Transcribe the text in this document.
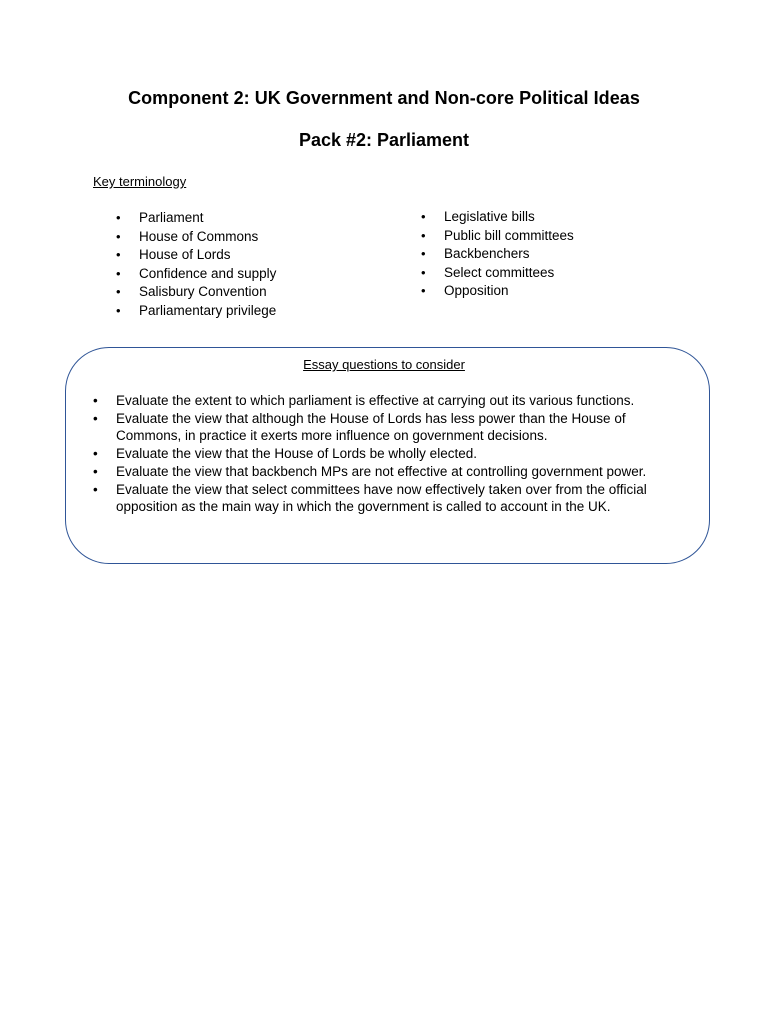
Component 2: UK Government and Non-core Political Ideas
Pack #2: Parliament
Key terminology
• Parliament
• House of Commons
• House of Lords
• Confidence and supply
• Salisbury Convention
• Parliamentary privilege
• Legislative bills
• Public bill committees
• Backbenchers
• Select committees
• Opposition
Essay questions to consider
• Evaluate the extent to which parliament is effective at carrying out its various functions.
• Evaluate the view that although the House of Lords has less power than the House of Commons, in practice it exerts more influence on government decisions.
• Evaluate the view that the House of Lords be wholly elected.
• Evaluate the view that backbench MPs are not effective at controlling government power.
• Evaluate the view that select committees have now effectively taken over from the official opposition as the main way in which the government is called to account in the UK.
